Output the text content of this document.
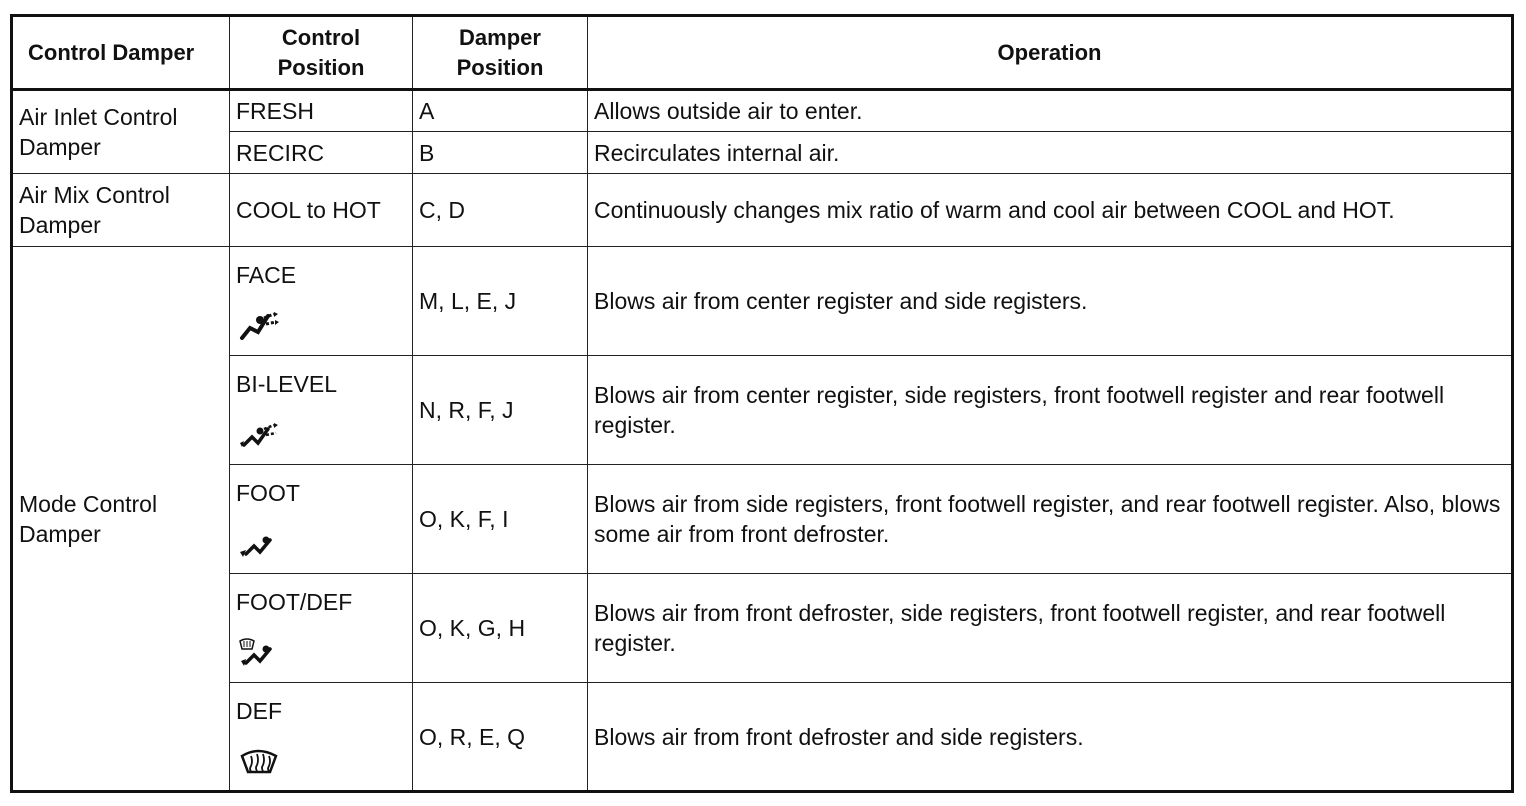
Control Damper	Control Position	Damper Position	Operation
Air Inlet Control Damper	FRESH	A	Allows outside air to enter.
	RECIRC	B	Recirculates internal air.
Air Mix Control Damper	COOL to HOT	C, D	Continuously changes mix ratio of warm and cool air between COOL and HOT.
Mode Control Damper	FACE	M, L, E, J	Blows air from center register and side registers.

	BI-LEVEL	N, R, F, J	Blows air from center register, side registers, front footwell register and rear footwell register.

	FOOT	O, K, F, I	Blows air from side registers, front footwell register, and rear footwell register. Also, blows some air from front defroster.

	FOOT/DEF	O, K, G, H	Blows air from front defroster, side registers, front footwell register, and rear footwell register.

	DEF	O, R, E, Q	Blows air from front defroster and side registers.
